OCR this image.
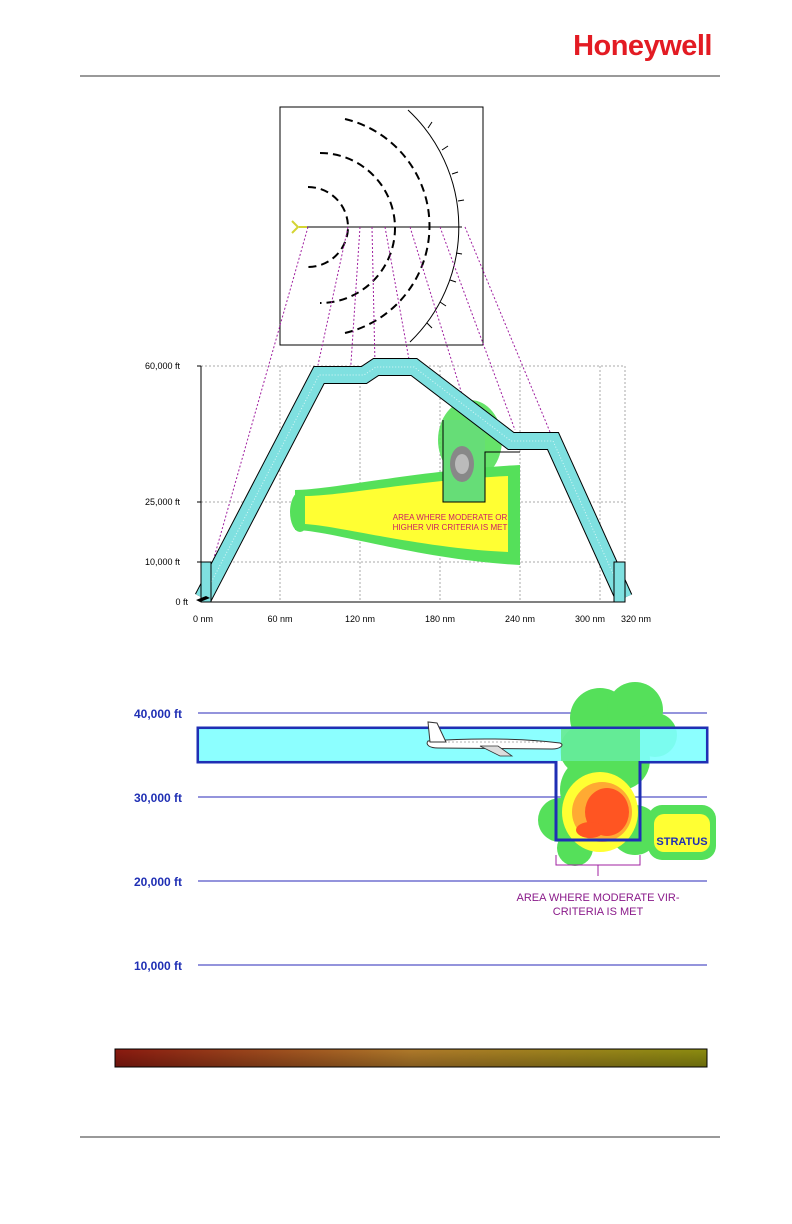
Honeywell
60,000 ft
25,000 ft
10,000 ft
0 ft
0 nm	60 nm	120 nm	180 nm	240 nm	300 nm 320 nm
AREA WHERE MODERATE OR
HIGHER VIR CRITERIA IS MET
40,000 ft
30,000 ft
20,000 ft
10,000 ft
STRATUS
AREA WHERE MODERATE VIR-
CRITERIA IS MET
